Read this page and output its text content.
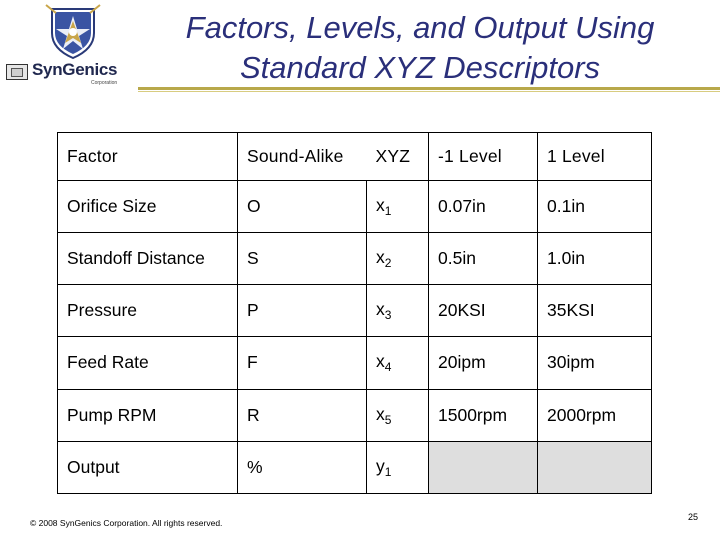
SynGenics
Corporation
Factors, Levels, and Output Using
Standard XYZ Descriptors
Factor	Sound-Alike	XYZ	-1 Level	1 Level
Orifice Size	O	$x_1$	0.07in	0.1in
Standoff Distance	S	$x_2$	0.5in	1.0in
Pressure	P	$x_3$	20KSI	35KSI
Feed Rate	F	$x_4$	20ipm	30ipm
Pump RPM	R	$x_5$	1500rpm	2000rpm
Output	%	$y_1$		
© 2008 SynGenics Corporation. All rights reserved.
25
